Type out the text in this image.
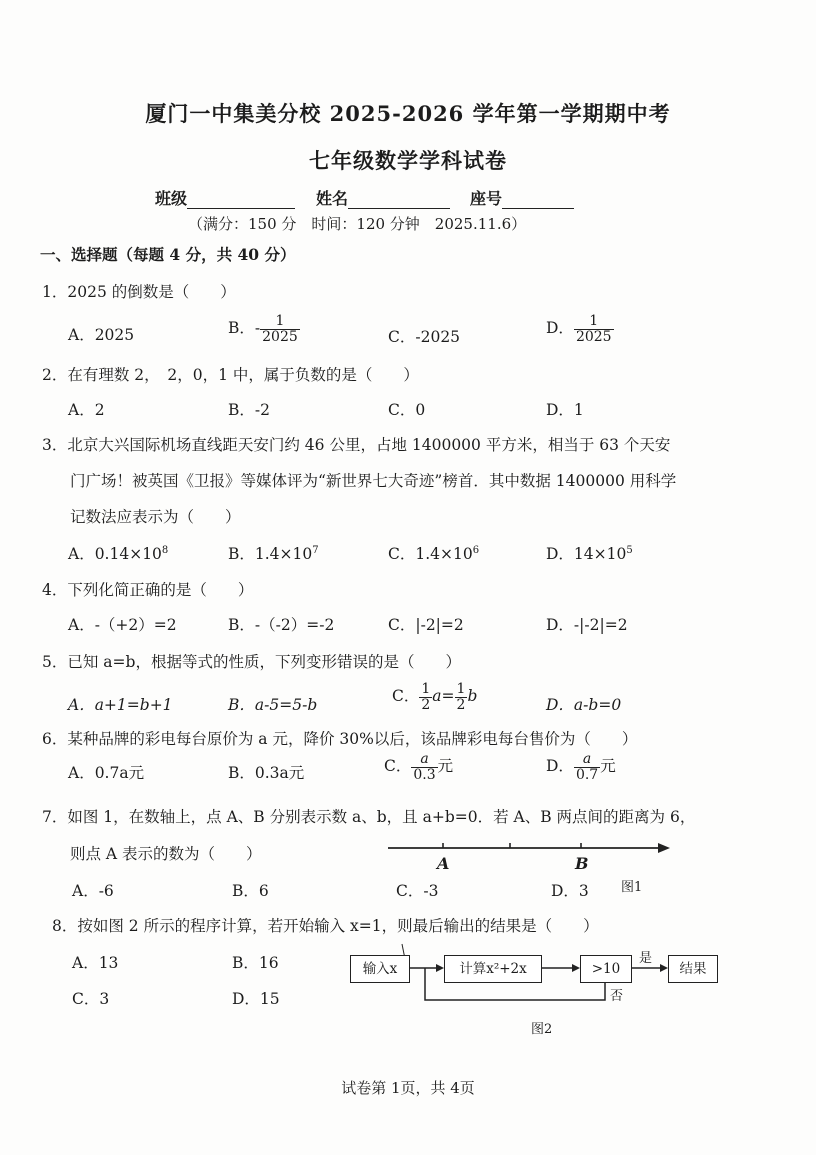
厦门一中集美分校 2025-2026 学年第一学期期中考
七年级数学学科试卷
班级	姓名	座号
（满分：150 分　时间：120 分钟　2025.11.6）
一、选择题（每题 4 分，共 40 分）
1．2025 的倒数是（　　）
A．2025	B．- $\frac{1}{2025}$	C．-2025	D． $\frac{1}{2025}$
2．在有理数 2，　2，0，1 中，属于负数的是（　　）
A．2	B．-2	C．0	D．1
3．北京大兴国际机场直线距天安门约 46 公里，占地 1400000 平方米，相当于 63 个天安
门广场！被英国《卫报》等媒体评为“新世界七大奇迹”榜首．其中数据 1400000 用科学
记数法应表示为（　　）
A．$0.14\times 10^8$	B．$1.4\times 10^7$	C．$1.4\times 10^6$	D．$14\times 10^5$
4．下列化简正确的是（　　）
A．-（+2）=2	B．-（-2）=-2	C．|-2|=2	D．-|-2|=2
5．已知 a=b，根据等式的性质，下列变形错误的是（　　）
A．a+1=b+1	B．a-5=5-b	C． $\frac{1}{2} a= \frac{1}{2}$ b	D．a-b=0
6．某种品牌的彩电每台原价为 a 元，降价 30%以后，该品牌彩电每台售价为（　　）
A．0.7a元	B．0.3a元	C． $\frac{a}{0.3}$ 元	D． $\frac{a}{0.7}$ 元
7．如图 1，在数轴上，点 A、B 分别表示数 a、b，且 a+b=0．若 A、B 两点间的距离为 6，
则点 A 表示的数为（　　）	A	B
图1
A．-6	B．6	C．-3	D．3
8．按如图 2 所示的程序计算，若开始输入 x=1，则最后输出的结果是（　　）
A．13	B．16
C．3	D．15
输入x	计算x²+2x	>10	结果
是
否
图2
试卷第 1页，共 4页
